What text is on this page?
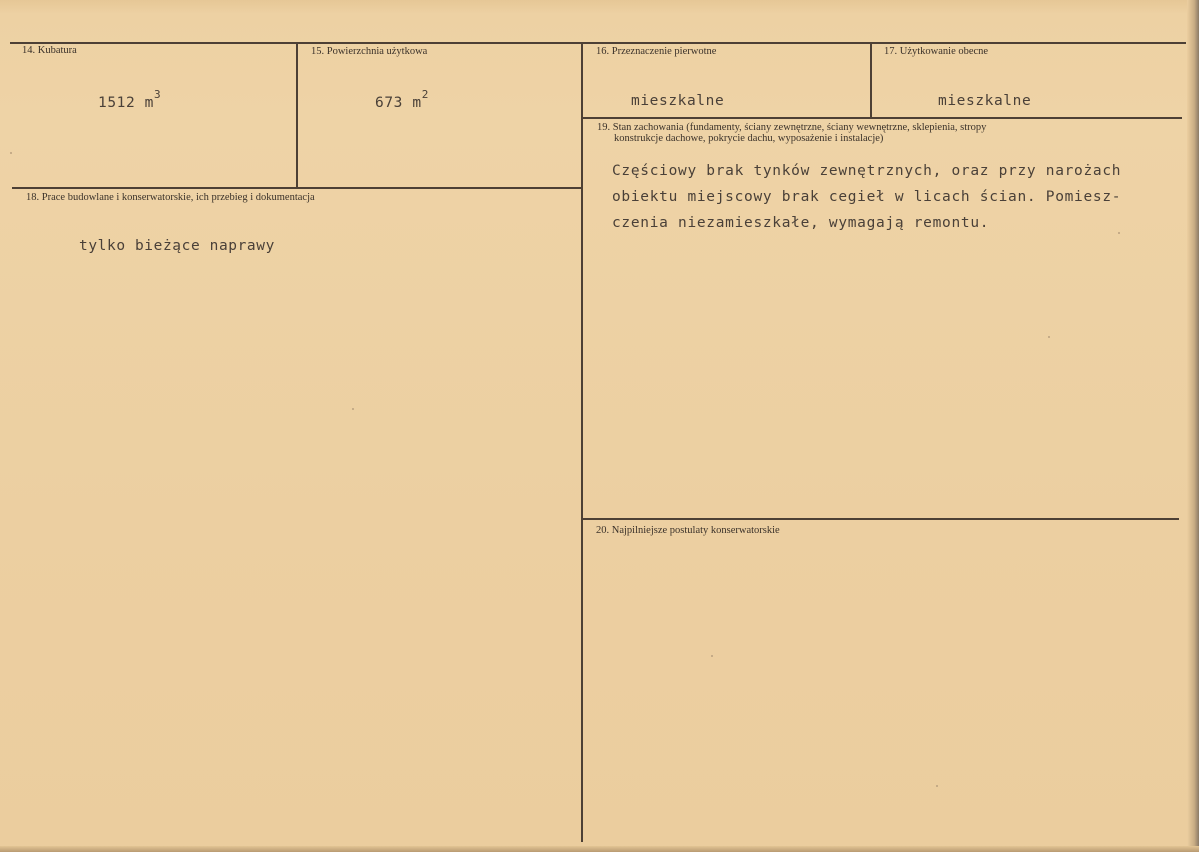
14. Kubatura
1512 $m^3$
15. Powierzchnia użytkowa
673 $m^2$
16. Przeznaczenie pierwotne
mieszkalne
17. Użytkowanie obecne
mieszkalne
18. Prace budowlane i konserwatorskie, ich przebieg i dokumentacja
tylko bieżące naprawy
19. Stan zachowania (fundamenty, ściany zewnętrzne, ściany wewnętrzne, sklepienia, stropy
konstrukcje dachowe, pokrycie dachu, wyposażenie i instalacje)
Częściowy brak tynków zewnętrznych, oraz przy narożach
obiektu miejscowy brak cegieł w licach ścian. Pomiesz-
czenia niezamieszkałe, wymagają remontu.
20. Najpilniejsze postulaty konserwatorskie
